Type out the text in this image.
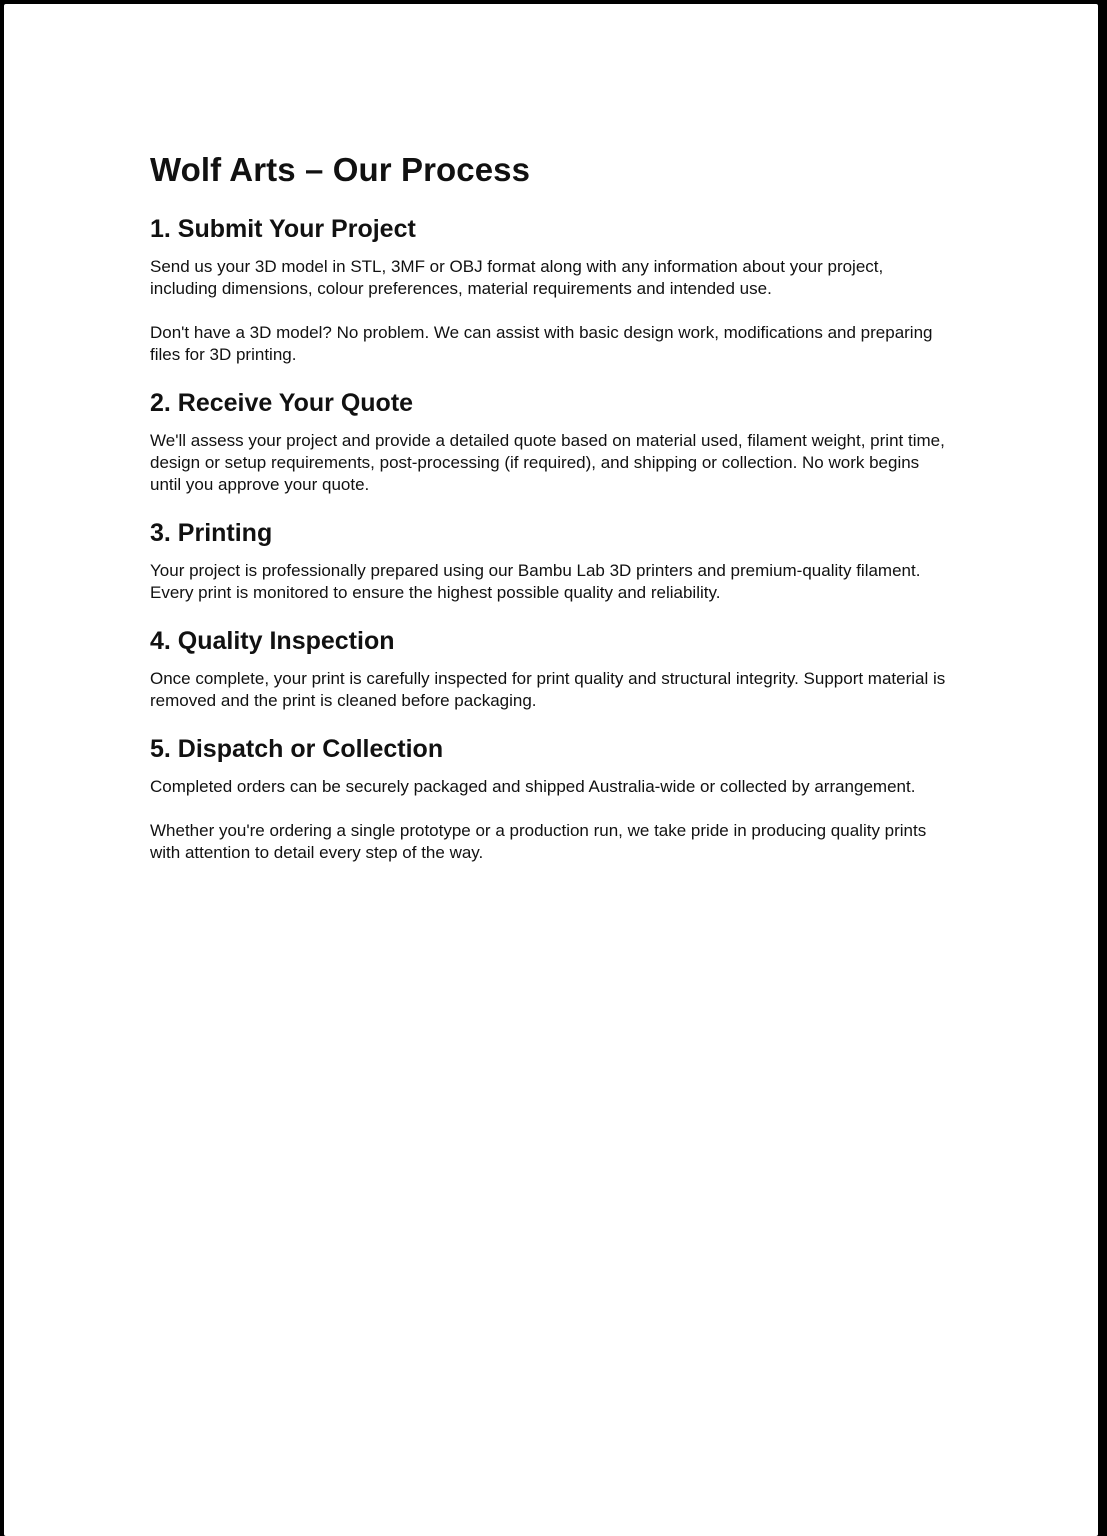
Wolf Arts – Our Process
1. Submit Your Project

Send us your 3D model in STL, 3MF or OBJ format along with any information about your project, including dimensions, colour preferences, material requirements and intended use.

Don't have a 3D model? No problem. We can assist with basic design work, modifications and preparing files for 3D printing.

2. Receive Your Quote

We'll assess your project and provide a detailed quote based on material used, filament weight, print time, design or setup requirements, post-processing (if required), and shipping or collection. No work begins until you approve your quote.

3. Printing

Your project is professionally prepared using our Bambu Lab 3D printers and premium-quality filament. Every print is monitored to ensure the highest possible quality and reliability.

4. Quality Inspection

Once complete, your print is carefully inspected for print quality and structural integrity. Support material is removed and the print is cleaned before packaging.

5. Dispatch or Collection

Completed orders can be securely packaged and shipped Australia-wide or collected by arrangement.

Whether you're ordering a single prototype or a production run, we take pride in producing quality prints with attention to detail every step of the way.
